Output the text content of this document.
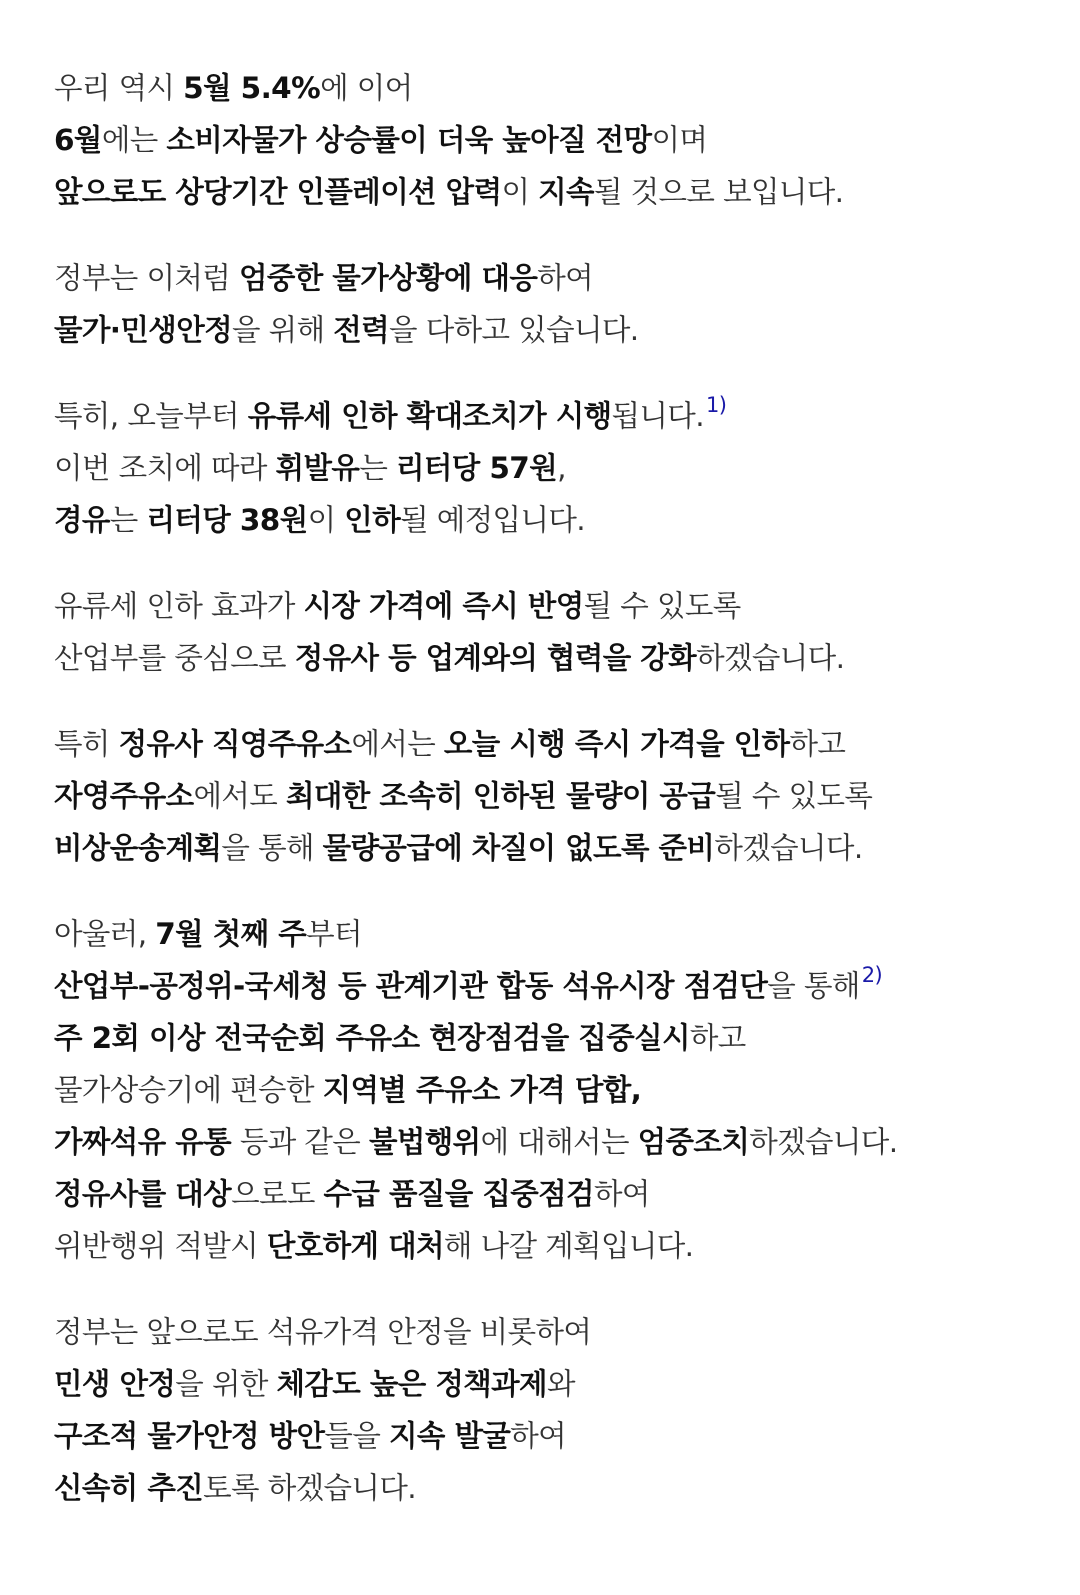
우리 역시 5월 5.4%에 이어
6월에는 소비자물가 상승률이 더욱 높아질 전망이며
앞으로도 상당기간 인플레이션 압력이 지속될 것으로 보입니다.
정부는 이처럼 엄중한 물가상황에 대응하여
물가·민생안정을 위해 전력을 다하고 있습니다.
특히, 오늘부터 유류세 인하 확대조치가 시행됩니다.$^{1)}$
이번 조치에 따라 휘발유는 리터당 57원,
경유는 리터당 38원이 인하될 예정입니다.
유류세 인하 효과가 시장 가격에 즉시 반영될 수 있도록
산업부를 중심으로 정유사 등 업계와의 협력을 강화하겠습니다.
특히 정유사 직영주유소에서는 오늘 시행 즉시 가격을 인하하고
자영주유소에서도 최대한 조속히 인하된 물량이 공급될 수 있도록
비상운송계획을 통해 물량공급에 차질이 없도록 준비하겠습니다.
아울러, 7월 첫째 주부터
산업부-공정위-국세청 등 관계기관 합동 석유시장 점검단을 통해$^{2)}$
주 2회 이상 전국순회 주유소 현장점검을 집중실시하고
물가상승기에 편승한 지역별 주유소 가격 담합,
가짜석유 유통 등과 같은 불법행위에 대해서는 엄중조치하겠습니다.
정유사를 대상으로도 수급 품질을 집중점검하여
위반행위 적발시 단호하게 대처해 나갈 계획입니다.
정부는 앞으로도 석유가격 안정을 비롯하여
민생 안정을 위한 체감도 높은 정책과제와
구조적 물가안정 방안들을 지속 발굴하여
신속히 추진토록 하겠습니다.
